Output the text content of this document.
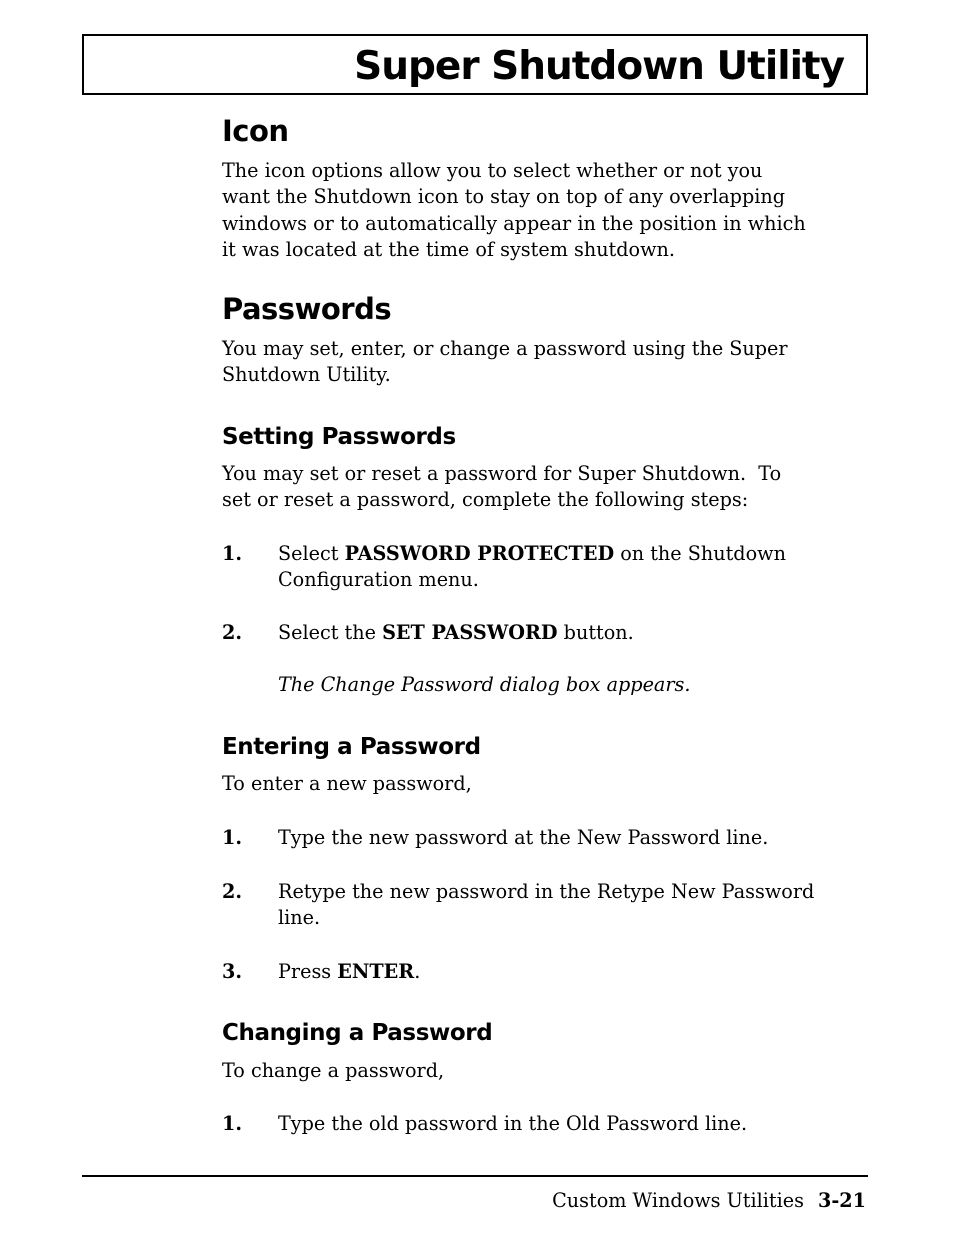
Super Shutdown Utility
Icon
The icon options allow you to select whether or not you
want the Shutdown icon to stay on top of any overlapping
windows or to automatically appear in the position in which
it was located at the time of system shutdown.
Passwords
You may set, enter, or change a password using the Super
Shutdown Utility.
Setting Passwords
You may set or reset a password for Super Shutdown.  To
set or reset a password, complete the following steps:
1. Select PASSWORD PROTECTED on the Shutdown
Configuration menu.
2. Select the SET PASSWORD button.
The Change Password dialog box appears.
Entering a Password
To enter a new password,
1. Type the new password at the New Password line.
2. Retype the new password in the Retype New Password
line.
3. Press ENTER.
Changing a Password
To change a password,
1. Type the old password in the Old Password line.
Custom Windows Utilities 3-21
